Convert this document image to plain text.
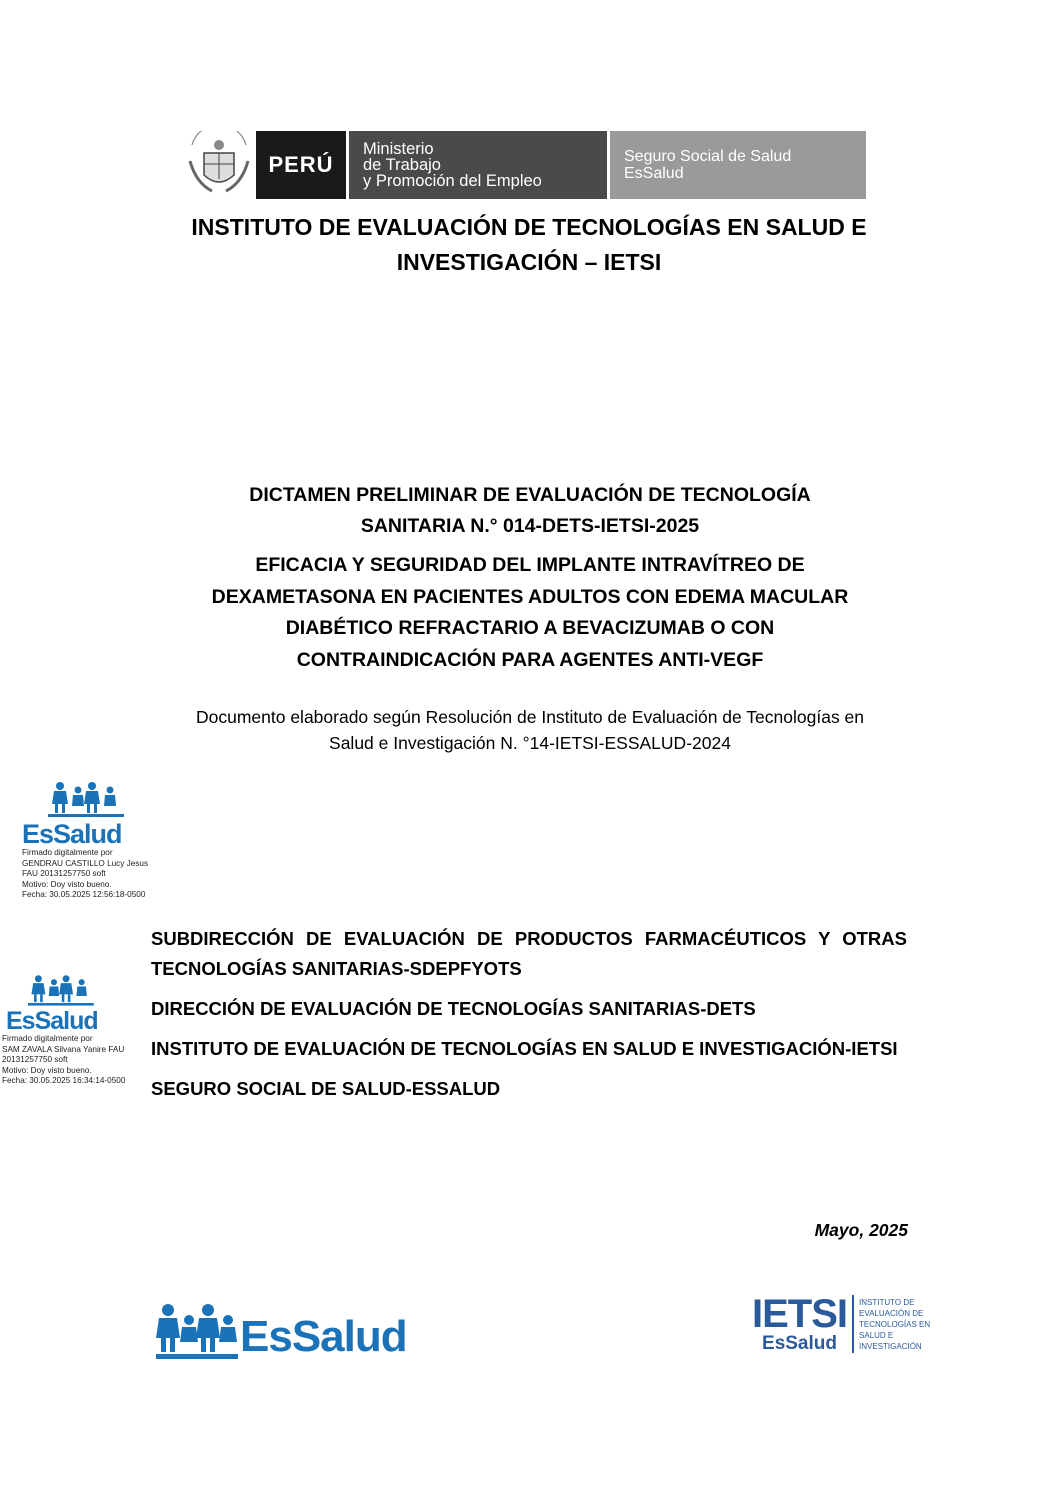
PERÚ
Ministerio
de Trabajo
y Promoción del Empleo
Seguro Social de Salud
EsSalud
INSTITUTO DE EVALUACIÓN DE TECNOLOGÍAS EN SALUD E
INVESTIGACIÓN – IETSI
DICTAMEN PRELIMINAR DE EVALUACIÓN DE TECNOLOGÍA
SANITARIA N.° 014-DETS-IETSI-2025
EFICACIA Y SEGURIDAD DEL IMPLANTE INTRAVÍTREO DE
DEXAMETASONA EN PACIENTES ADULTOS CON EDEMA MACULAR
DIABÉTICO REFRACTARIO A BEVACIZUMAB O CON
CONTRAINDICACIÓN PARA AGENTES ANTI-VEGF
Documento elaborado según Resolución de Instituto de Evaluación de Tecnologías en
Salud e Investigación N. °14-IETSI-ESSALUD-2024
EsSalud
Firmado digitalmente por
GENDRAU CASTILLO Lucy Jesus
FAU 20131257750 soft
Motivo: Doy visto bueno.
Fecha: 30.05.2025 12:56:18-0500
EsSalud
Firmado digitalmente por
SAM ZAVALA Silvana Yanire FAU
20131257750 soft
Motivo: Doy visto bueno.
Fecha: 30.05.2025 16:34:14-0500

SUBDIRECCIÓN DE EVALUACIÓN DE PRODUCTOS FARMACÉUTICOS Y OTRAS TECNOLOGÍAS SANITARIAS-SDEPFYOTS

DIRECCIÓN DE EVALUACIÓN DE TECNOLOGÍAS SANITARIAS-DETS

INSTITUTO DE EVALUACIÓN DE TECNOLOGÍAS EN SALUD E INVESTIGACIÓN-IETSI

SEGURO SOCIAL DE SALUD-ESSALUD

Mayo, 2025
EsSalud	IETSI
EsSalud
INSTITUTO DE
EVALUACIÓN DE
TECNOLOGÍAS EN
SALUD E
INVESTIGACIÓN
